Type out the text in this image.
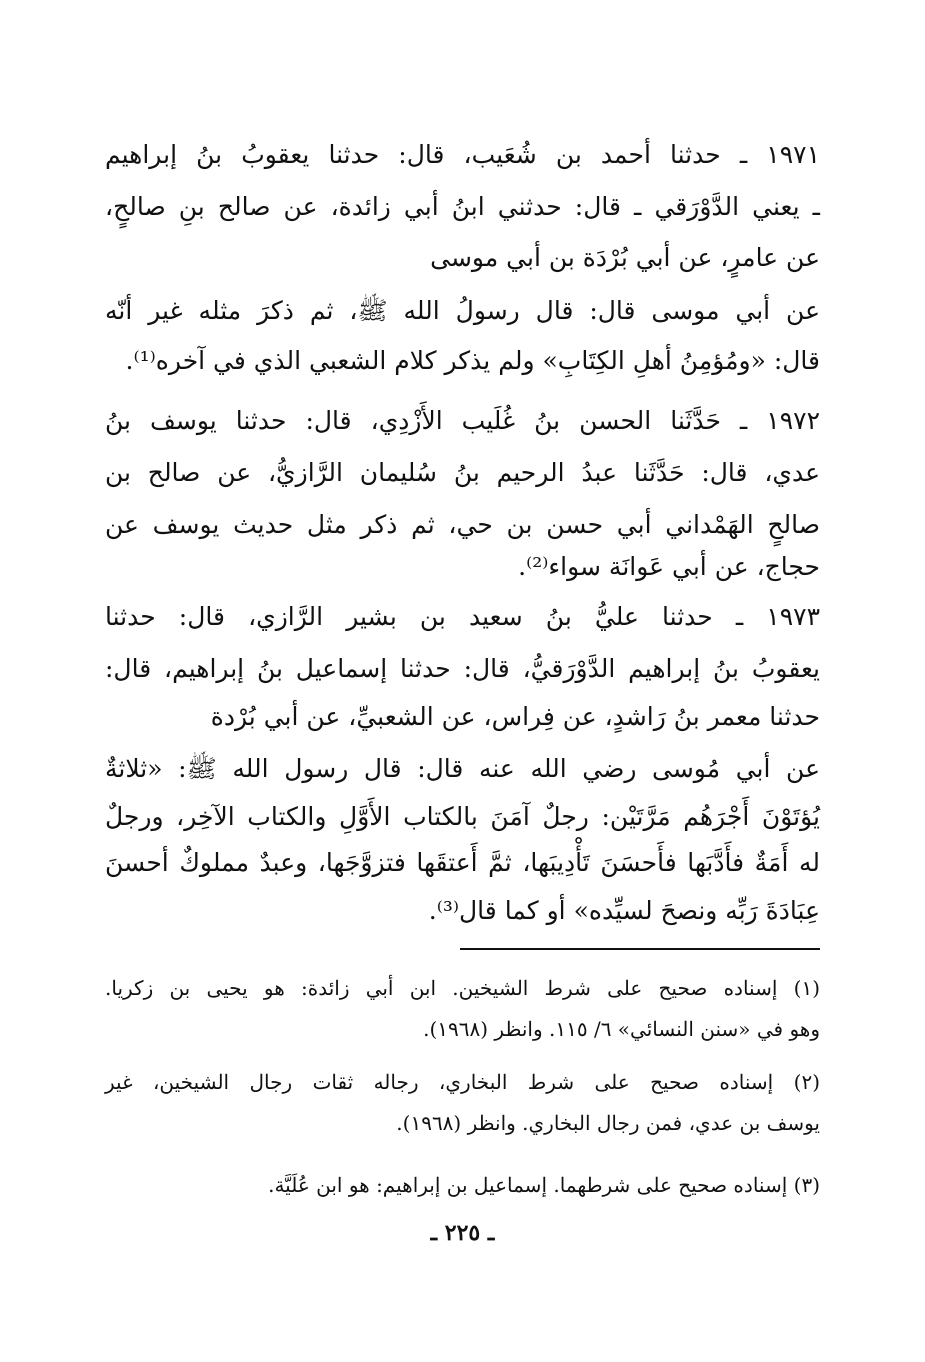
١٩٧١ ـ حدثنا أحمد بن شُعَيب، قال: حدثنا يعقوبُ بنُ إبراهيم
ـ يعني الدَّوْرَقي ـ قال: حدثني ابنُ أبي زائدة، عن صالح بنِ صالحٍ،
عن عامرٍ، عن أبي بُرْدَة بن أبي موسى
عن أبي موسى قال: قال رسولُ الله ﷺ، ثم ذكرَ مثله غير أنّه
قال: «ومُؤمِنُ أهلِ الكِتَابِ» ولم يذكر كلام الشعبي الذي في آخره⁽¹⁾.
١٩٧٢ ـ حَدَّثَنا الحسن بنُ غُلَيب الأَزْدِي، قال: حدثنا يوسف بنُ
عدي، قال: حَدَّثَنا عبدُ الرحيم بنُ سُليمان الرَّازيُّ، عن صالح بن
صالحٍ الهَمْداني أبي حسن بن حي، ثم ذكر مثل حديث يوسف عن
حجاج، عن أبي عَوانَة سواء⁽²⁾.
١٩٧٣ ـ حدثنا عليُّ بنُ سعيد بن بشير الرَّازي، قال: حدثنا
يعقوبُ بنُ إبراهيم الدَّوْرَقيُّ، قال: حدثنا إسماعيل بنُ إبراهيم، قال:
حدثنا معمر بنُ رَاشدٍ، عن فِراس، عن الشعبيِّ، عن أبي بُرْدة
عن أبي مُوسى رضي الله عنه قال: قال رسول الله ﷺ: «ثلاثةٌ
يُؤتَوْنَ أَجْرَهُم مَرَّتَيْن: رجلٌ آمَنَ بالكتاب الأَوَّلِ والكتاب الآخِر، ورجلٌ
له أَمَةٌ فأَدَّبَها فأَحسَنَ تَأْدِيبَها، ثمَّ أَعتقَها فتزوَّجَها، وعبدٌ مملوكٌ أحسنَ
عِبَادَةَ رَبِّه ونصحَ لسيِّده» أو كما قال⁽³⁾.
(١) إسناده صحيح على شرط الشيخين. ابن أبي زائدة: هو يحيى بن زكريا.
وهو في «سنن النسائي» ٦/ ١١٥. وانظر (١٩٦٨).
(٢) إسناده صحيح على شرط البخاري، رجاله ثقات رجال الشيخين، غير
يوسف بن عدي، فمن رجال البخاري. وانظر (١٩٦٨).
(٣) إسناده صحيح على شرطهما. إسماعيل بن إبراهيم: هو ابن عُلَيَّة.
ـ ٢٢٥ ـ
